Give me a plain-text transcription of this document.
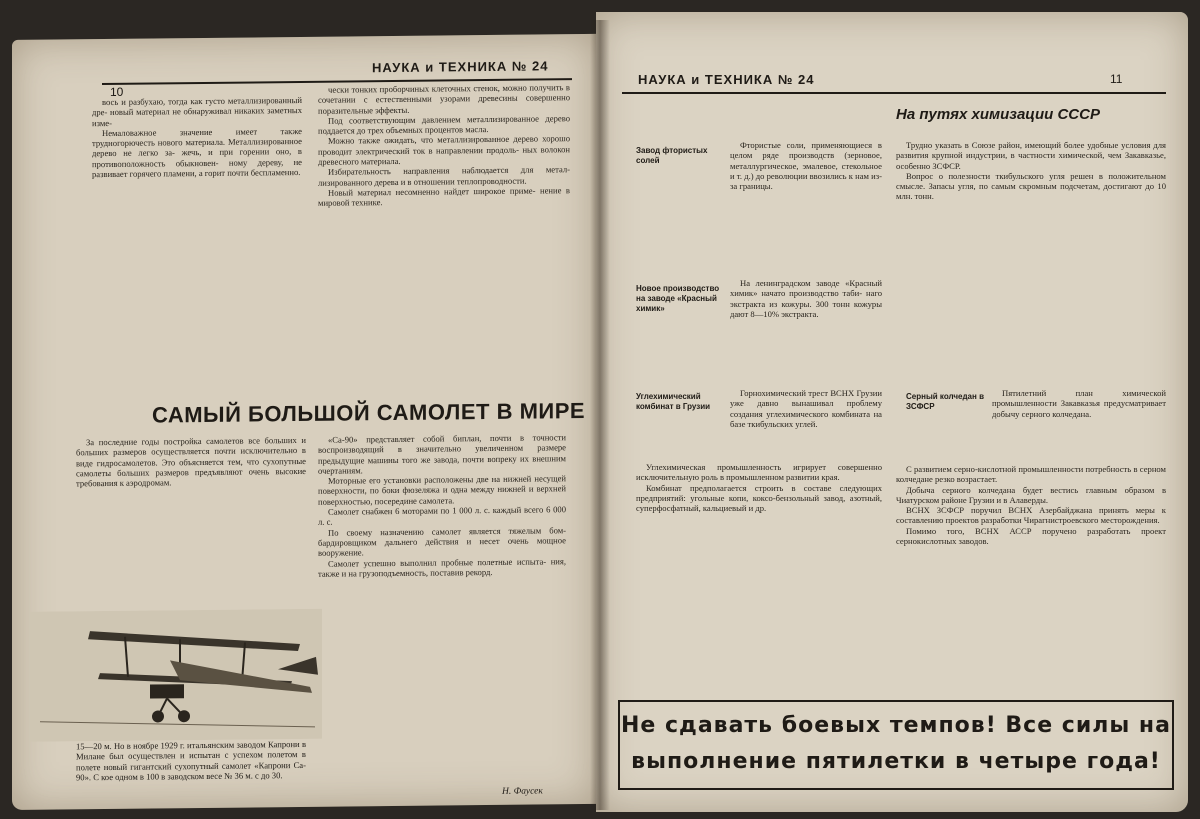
10
НАУКА и ТЕХНИКА № 24

вось и разбухаю, тогда как густо металлизированный дре- новый материал не обнаруживал никаких заметных изме-

Немаловажное значение имеет также трудногорючесть нового материала. Металлизированное дерево не легко за- жечь, и при горении оно, в противоположность обыкновен- ному дереву, не развивает горячего пламени, а горит почти беспламенно.

чески тонких проборчиных клеточных стенок, можно получить в сочетании с естественными узорами древесины совершенно поразительные эффекты.

Под соответствующим давлением металлизированное дерево поддается до трех объемных процентов масла.

Можно также ожидать, что металлизированное дерево хорошо проводит электрический ток в направлении продоль- ных волокон древесного материала.

Избирательность направления наблюдается для метал- лизированного дерева и в отношении теплопроводности.

Новый материал несомненно найдет широкое приме- нение в мировой технике.

САМЫЙ БОЛЬШОЙ САМОЛЕТ В МИРЕ

За последние годы постройка самолетов все больших и больших размеров осуществляется почти исключительно в виде гидросамолетов. Это объясняется тем, что сухопутные самолеты больших размеров предъявляют очень высокие требования к аэродромам.

15—20 м. Но в ноябре 1929 г. итальянским заводом Капрони в Милане был осуществлен и испытан с успехом полетом в полете новый гигантский сухопутный самолет «Капрони Ca-90». С кое одном в 100 в заводском весе № 36 м. с до 30.

«Са-90» представляет собой биплан, почти в точности воспроизводящий в значительно увеличенном размере предыдущие машины того же завода, почти вопреку их внешним очертаниям.

Моторные его установки расположены две на нижней несущей поверхности, по боки фюзеляжа и одна между нижней и верхней поверхностью, посередине самолета.

Самолет снабжен 6 моторами по 1 000 л. с. каждый всего 6 000 л. с.

По своему назначению самолет является тяжелым бом- бардировщиком дальнего действия и несет очень мощное вооружение.

Самолет успешно выполнил пробные полетные испыта- ния, также и на грузоподъемность, поставив рекорд.

Н. Фаусек
НАУКА и ТЕХНИКА № 24	11
На путях химизации СССР
Завод фтористых солей
Новое производство на заводе «Красный химик»
Углехимический комбинат в Грузии
Серный колчедан в ЗСФСР

Фтористые соли, применяющиеся в целом ряде производств (зерновое, металлургическое, эмалевое, стекольное и т. д.) до революции ввозились к нам из-за границы.

На ленинградском заводе «Красный химик» начато производство таби- наго экстракта из кожуры. 300 тонн кожуры дают 8—10% экстракта.

Горнохимический трест ВСНХ Грузии уже давно вынашивал проблему создания углехимического комбината на базе ткибульских углей.

Углехимическая промышленность игрирует совершенно исключительную роль в промышленном развитии края.

Комбинат предполагается строить в составе следующих предприятий: угольные копи, коксо-бензольный завод, азотный, суперфосфатный, кальциевый и др.

Трудно указать в Союзе район, имеющий более удобные условия для развития крупной индустрии, в частности химической, чем Закавказье, особенно ЗСФСР.

Вопрос о полезности ткибульского угля решен в положительном смысле. Запасы угля, по самым скромным подсчетам, достигают до 10 млн. тонн.

Пятилетний план химической промышленности Закавказья предусматривает добычу серного колчедана.

С развитием серно-кислотной промышленности потребность в серном колчедане резко возрастает.

Добыча серного колчедана будет вестись главным образом в Чиатурском районе Грузии и в Алаверды.

ВСНХ ЗСФСР поручил ВСНХ Азербайджана принять меры к составлению проектов разработки Чирагнистроевского месторождения.

Помимо того, ВСНХ АССР поручено разработать проект сернокислотных заводов.

Не сдавать боевых темпов! Все силы на
выполнение пятилетки в четыре года!
